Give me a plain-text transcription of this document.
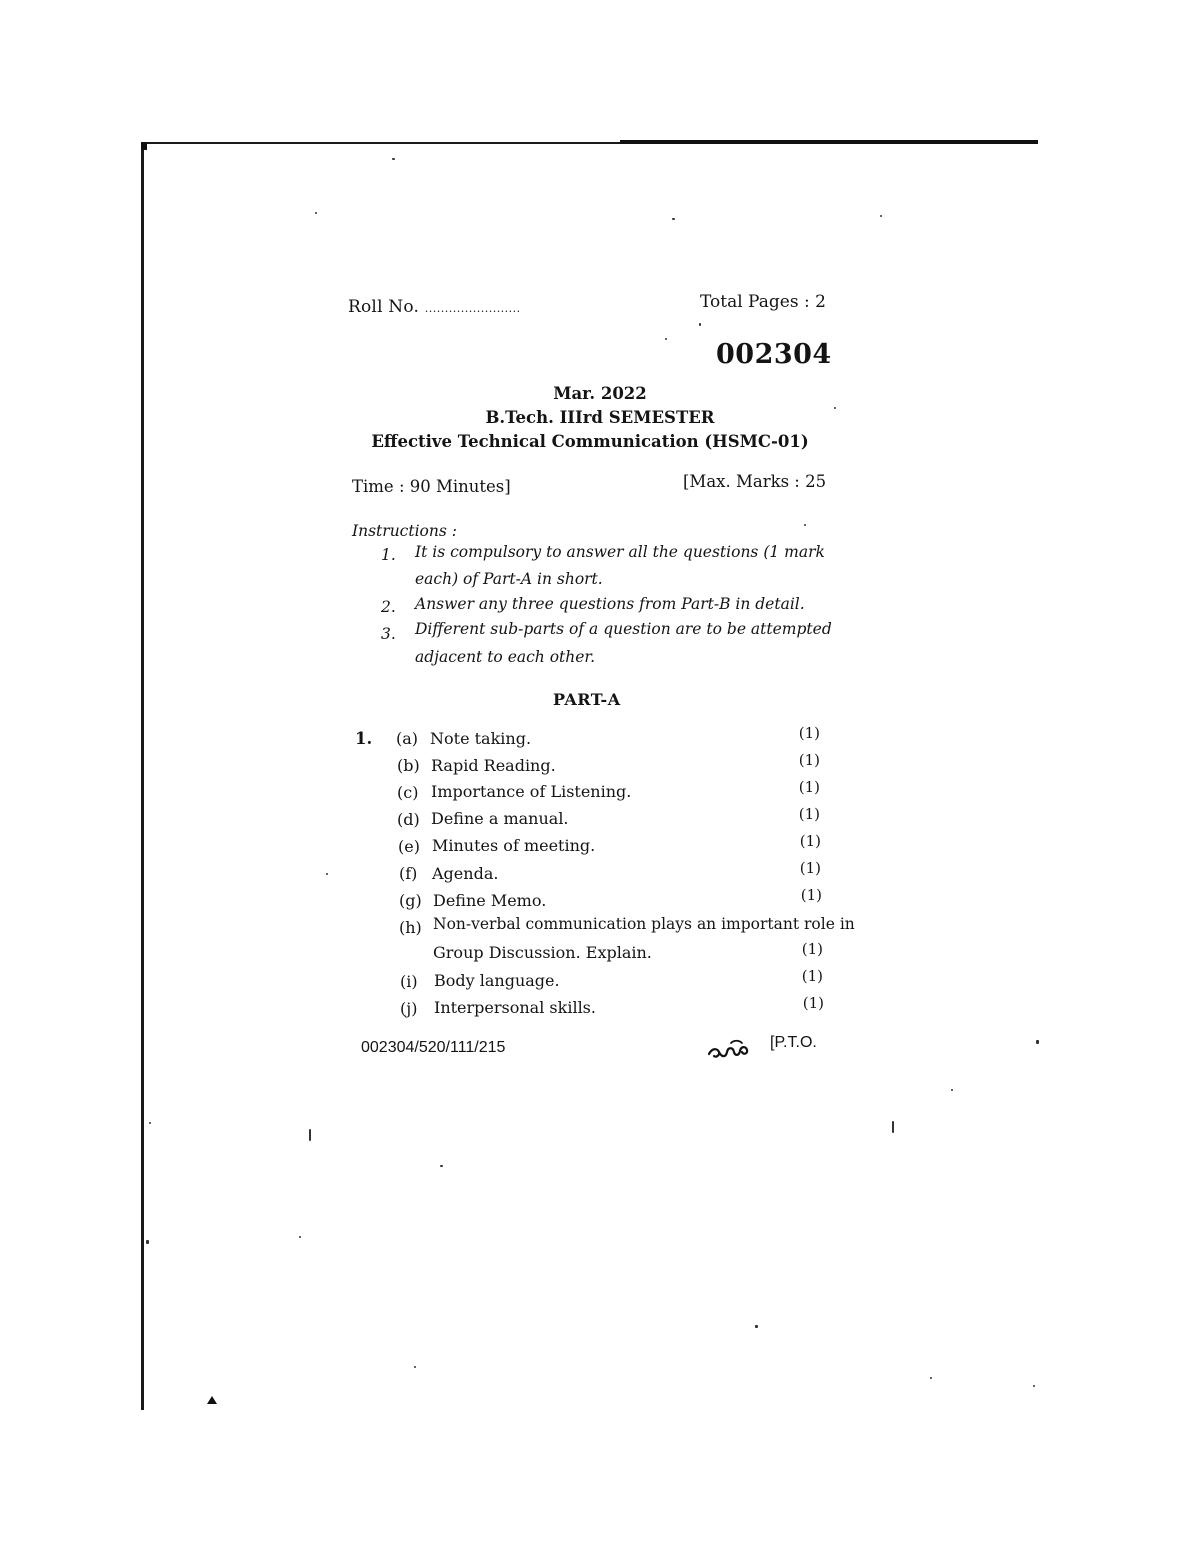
Roll No. ........................	Total Pages : 2
002304
Mar. 2022
B.Tech. IIIrd SEMESTER
Effective Technical Communication (HSMC-01)
Time : 90 Minutes]	[Max. Marks : 25
Instructions :
1. It is compulsory to answer all the questions (1 mark
each) of Part-A in short.
2. Answer any three questions from Part-B in detail.
3. Different sub-parts of a question are to be attempted
adjacent to each other.
PART-A
1. (a) Note taking.	(1)
(b) Rapid Reading.	(1)
(c) Importance of Listening.	(1)
(d) Define a manual.	(1)
(e) Minutes of meeting.	(1)
(f) Agenda.	(1)
(g) Define Memo.	(1)
(h) Non-verbal communication plays an important role in
Group Discussion. Explain.	(1)
(i) Body language.	(1)
(j) Interpersonal skills.	(1)
002304/520/111/215	[P.T.O.
